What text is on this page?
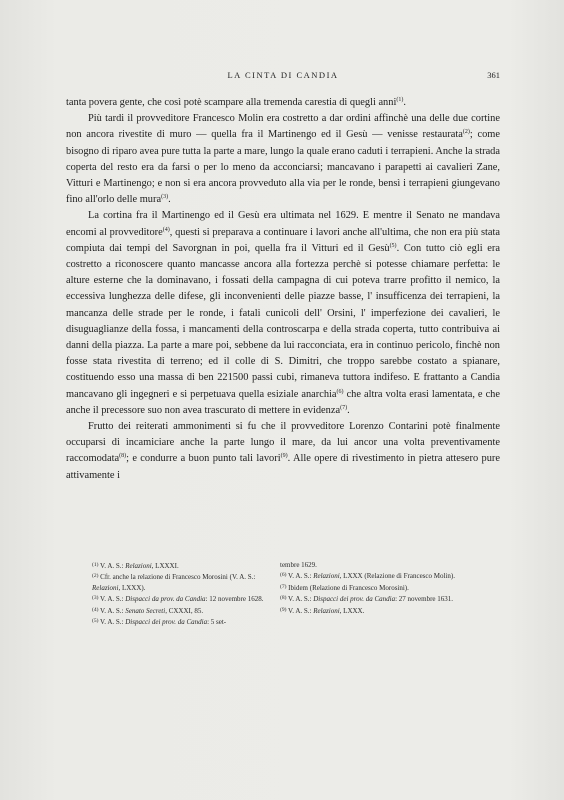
LA CINTA DI CANDIA	361

tanta povera gente, che così potè scampare alla tremenda carestia di quegli anni$^{(1)}$.

Più tardi il provveditore Francesco Molin era costretto a dar ordini affinchè una delle due cortine non ancora rivestite di muro — quella fra il Martinengo ed il Gesù — venisse restaurata$^{(2)}$; come bisogno di riparo avea pure tutta la parte a mare, lungo la quale erano caduti i terrapieni. Anche la strada coperta del resto era da farsi o per lo meno da acconciarsi; mancavano i parapetti ai cavalieri Zane, Vitturi e Martinengo; e non si era ancora provveduto alla via per le ronde, bensì i terrapieni giungevano fino all'orlo delle mura$^{(3)}$.

La cortina fra il Martinengo ed il Gesù era ultimata nel 1629. E mentre il Senato ne mandava encomi al provveditore$^{(4)}$, questi si preparava a continuare i lavori anche all'ultima, che non era più stata compiuta dai tempi del Savorgnan in poi, quella fra il Vitturi ed il Gesù$^{(5)}$. Con tutto ciò egli era costretto a riconoscere quanto mancasse ancora alla fortezza perchè si potesse chiamare perfetta: le alture esterne che la dominavano, i fossati della campagna di cui poteva trarre profitto il nemico, la eccessiva lunghezza delle difese, gli inconvenienti delle piazze basse, l' insufficenza dei terrapieni, la mancanza delle strade per le ronde, i fatali cunicoli dell' Orsini, l' imperfezione dei cavalieri, le disuguaglianze della fossa, i mancamenti della controscarpa e della strada coperta, tutto contribuiva ai danni della piazza. La parte a mare poi, sebbene da lui racconciata, era in continuo pericolo, finchè non fosse stata rivestita di terreno; ed il colle di S. Dimitri, che troppo sarebbe costato a spianare, costituendo esso una massa di ben 221500 passi cubi, rimaneva tuttora indifeso. E frattanto a Candia mancavano gli ingegneri e si perpetuava quella esiziale anarchia$^{(6)}$ che altra volta erasi lamentata, e che anche il precessore suo non avea trascurato di mettere in evidenza$^{(7)}$.

Frutto dei reiterati ammonimenti si fu che il provveditore Lorenzo Contarini potè finalmente occuparsi di incamiciare anche la parte lungo il mare, da lui ancor una volta preventivamente raccomodata$^{(8)}$; e condurre a buon punto tali lavori$^{(9)}$. Alle opere di rivestimento in pietra attesero pure attivamente i

$^{(1)}$ V. A. S.: Relazioni, LXXXI.

$^{(2)}$ Cfr. anche la relazione di Francesco Morosini (V. A. S.: Relazioni, LXXX).

$^{(3)}$ V. A. S.: Dispacci da prov. da Candia: 12 novembre 1628.

$^{(4)}$ V. A. S.: Senato Secreti, CXXXI, 85.

$^{(5)}$ V. A. S.: Dispacci dei prov. da Candia: 5 set-

tembre 1629.

$^{(6)}$ V. A. S.: Relazioni, LXXX (Relazione di Francesco Molin).

$^{(7)}$ Ibidem (Relazione di Francesco Morosini).

$^{(8)}$ V. A. S.: Dispacci dei prov. da Candia: 27 novembre 1631.

$^{(9)}$ V. A. S.: Relazioni, LXXX.
